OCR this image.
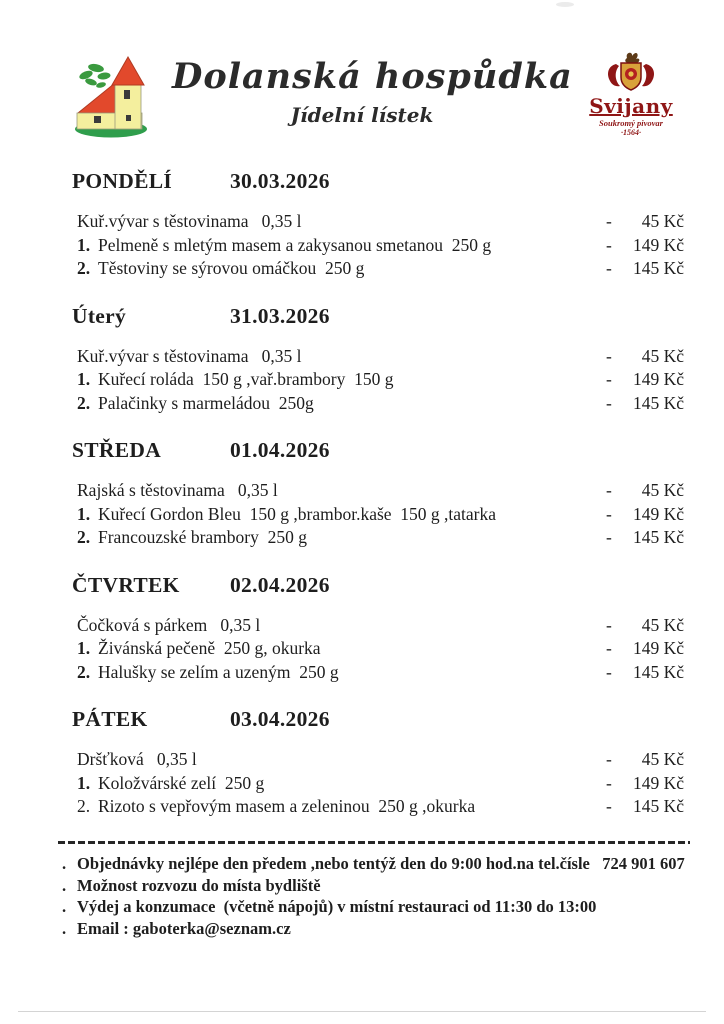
Dolanská hospůdka
Jídelní lístek	Svijany
Soukromý pivovar
·1564·
PONDĚLÍ	30.03.2026
Kuř.vývar s těstovinama   0,35 l	-	45 Kč
1. Pelmeně s mletým masem a zakysanou smetanou  250 g	-	149 Kč
2. Těstoviny se sýrovou omáčkou  250 g	-	145 Kč
Úterý	31.03.2026
Kuř.vývar s těstovinama   0,35 l	-	45 Kč
1. Kuřecí roláda  150 g ,vař.brambory  150 g	-	149 Kč
2. Palačinky s marmeládou  250g	-	145 Kč
STŘEDA	01.04.2026
Rajská s těstovinama   0,35 l	-	45 Kč
1. Kuřecí Gordon Bleu  150 g ,brambor.kaše  150 g ,tatarka	-	149 Kč
2. Francouzské brambory  250 g	-	145 Kč
ČTVRTEK	02.04.2026
Čočková s párkem   0,35 l	-	45 Kč
1. Živánská pečeně  250 g, okurka	-	149 Kč
2. Halušky se zelím a uzeným  250 g	-	145 Kč
PÁTEK	03.04.2026
Dršťková   0,35 l	-	45 Kč
1. Koložvárské zelí  250 g	-	149 Kč
2. Rizoto s vepřovým masem a zeleninou  250 g ,okurka	-	145 Kč
. Objednávky nejlépe den předem ,nebo tentýž den do 9:00 hod.na tel.čísle   724 901 607
. Možnost rozvozu do místa bydliště
. Výdej a konzumace  (včetně nápojů) v místní restauraci od 11:30 do 13:00
. Email : gaboterka@seznam.cz
